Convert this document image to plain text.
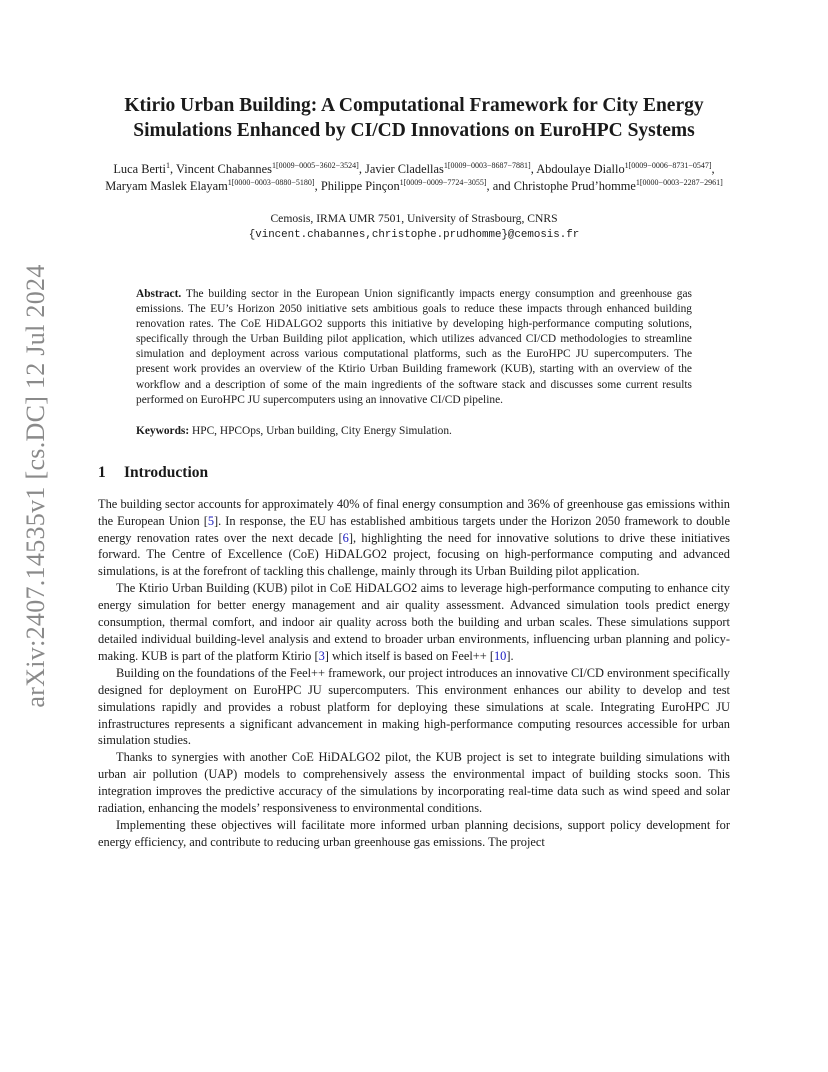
arXiv:2407.14535v1 [cs.DC] 12 Jul 2024
Ktirio Urban Building: A Computational Framework for City Energy Simulations Enhanced by CI/CD Innovations on EuroHPC Systems
Luca Berti$^1$, Vincent Chabannes$^{1[0009-0005-3602-3524]}$, Javier Cladellas$^{1[0009-0003-8687-7881]}$, Abdoulaye Diallo$^{1[0009-0006-8731-0547]}$, Maryam Maslek Elayam$^{1[0000-0003-0880-5180]}$, Philippe Pinçon$^{1[0009-0009-7724-3055]}$, and Christophe Prud’homme$^{1[0000-0003-2287-2961]}$
Cemosis, IRMA UMR 7501, University of Strasbourg, CNRS
{vincent.chabannes,christophe.prudhomme}@cemosis.fr
Abstract. The building sector in the European Union significantly impacts energy consumption and greenhouse gas emissions. The EU’s Horizon 2050 initiative sets ambitious goals to reduce these impacts through enhanced building renovation rates. The CoE HiDALGO2 supports this initiative by developing high-performance computing solutions, specifically through the Urban Building pilot application, which utilizes advanced CI/CD methodologies to streamline simulation and deployment across various computational platforms, such as the EuroHPC JU supercomputers. The present work provides an overview of the Ktirio Urban Building framework (KUB), starting with an overview of the workflow and a description of some of the main ingredients of the software stack and discusses some current results performed on EuroHPC JU supercomputers using an innovative CI/CD pipeline.
Keywords: HPC, HPCOps, Urban building, City Energy Simulation.
1 Introduction

The building sector accounts for approximately 40% of final energy consumption and 36% of greenhouse gas emissions within the European Union [5]. In response, the EU has established ambitious targets under the Horizon 2050 framework to double energy renovation rates over the next decade [6], highlighting the need for innovative solutions to drive these initiatives forward. The Centre of Excellence (CoE) HiDALGO2 project, focusing on high-performance computing and advanced simulations, is at the forefront of tackling this challenge, mainly through its Urban Building pilot application.

The Ktirio Urban Building (KUB) pilot in CoE HiDALGO2 aims to leverage high-performance computing to enhance city energy simulation for better energy management and air quality assessment. Advanced simulation tools predict energy consumption, thermal comfort, and indoor air quality across both the building and urban scales. These simulations support detailed individual building-level analysis and extend to broader urban environments, influencing urban planning and policy-making. KUB is part of the platform Ktirio [3] which itself is based on Feel++ [10].

Building on the foundations of the Feel++ framework, our project introduces an innovative CI/CD environment specifically designed for deployment on EuroHPC JU supercomputers. This environment enhances our ability to develop and test simulations rapidly and provides a robust platform for deploying these simulations at scale. Integrating EuroHPC JU infrastructures represents a significant advancement in making high-performance computing resources accessible for urban simulation studies.

Thanks to synergies with another CoE HiDALGO2 pilot, the KUB project is set to integrate building simulations with urban air pollution (UAP) models to comprehensively assess the environmental impact of building stocks soon. This integration improves the predictive accuracy of the simulations by incorporating real-time data such as wind speed and solar radiation, enhancing the models’ responsiveness to environmental conditions.

Implementing these objectives will facilitate more informed urban planning decisions, support policy development for energy efficiency, and contribute to reducing urban greenhouse gas emissions. The project
